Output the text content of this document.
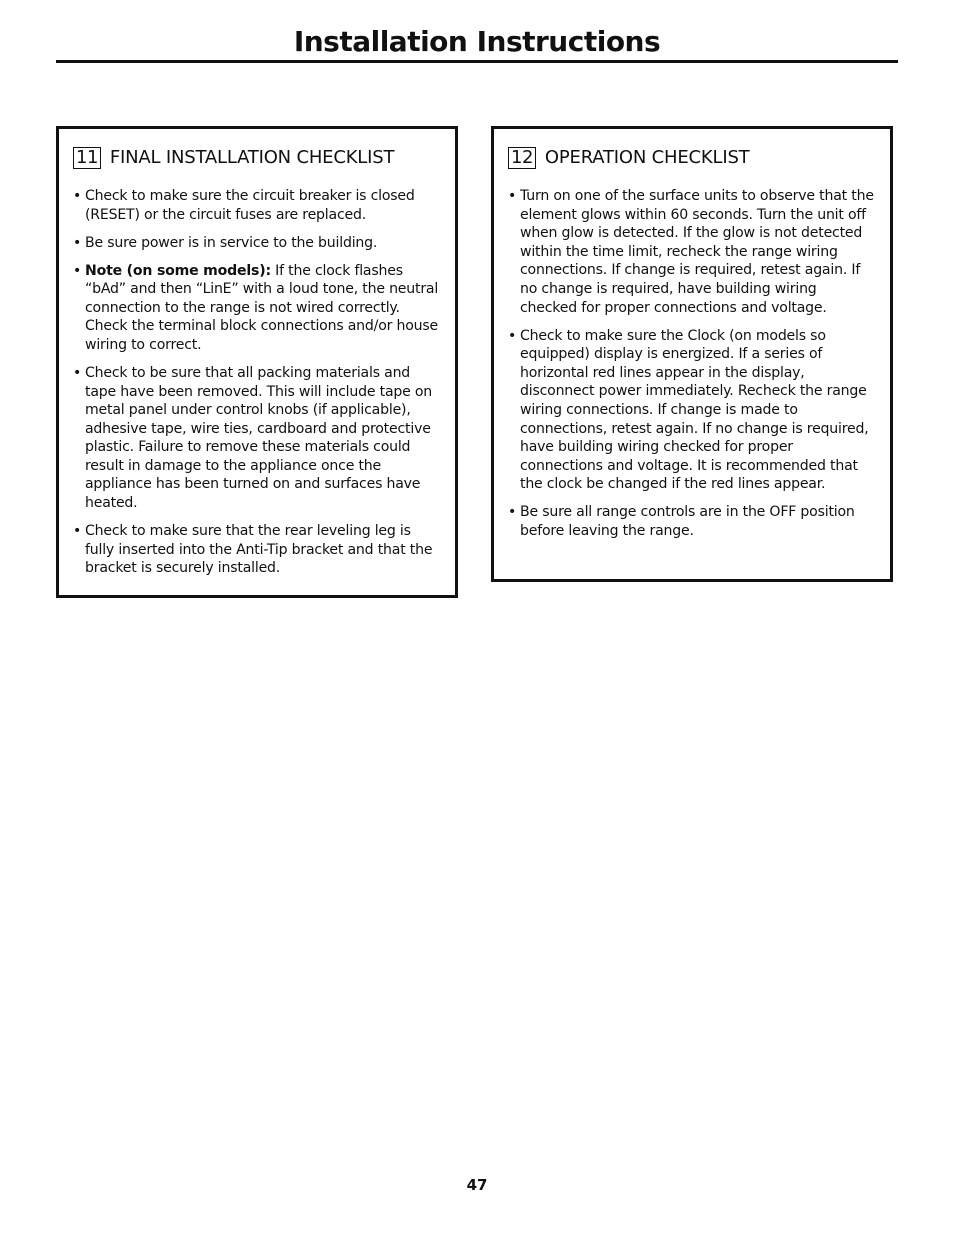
Installation Instructions
11 FINAL INSTALLATION CHECKLIST
• Check to make sure the circuit breaker is closed (RESET) or the circuit fuses are replaced.
• Be sure power is in service to the building.
• Note (on some models): If the clock flashes “bAd” and then “LinE” with a loud tone, the neutral connection to the range is not wired correctly. Check the terminal block connections and/or house wiring to correct.
• Check to be sure that all packing materials and tape have been removed. This will include tape on metal panel under control knobs (if applicable), adhesive tape, wire ties, cardboard and protective plastic. Failure to remove these materials could result in damage to the appliance once the appliance has been turned on and surfaces have heated.
• Check to make sure that the rear leveling leg is fully inserted into the Anti-Tip bracket and that the bracket is securely installed.
12 OPERATION CHECKLIST
• Turn on one of the surface units to observe that the element glows within 60 seconds. Turn the unit off when glow is detected. If the glow is not detected within the time limit, recheck the range wiring connections. If change is required, retest again. If no change is required, have building wiring checked for proper connections and voltage.
• Check to make sure the Clock (on models so equipped) display is energized. If a series of horizontal red lines appear in the display, disconnect power immediately. Recheck the range wiring connections. If change is made to connections, retest again. If no change is required, have building wiring checked for proper connections and voltage. It is recommended that the clock be changed if the red lines appear.
• Be sure all range controls are in the OFF position before leaving the range.
47
